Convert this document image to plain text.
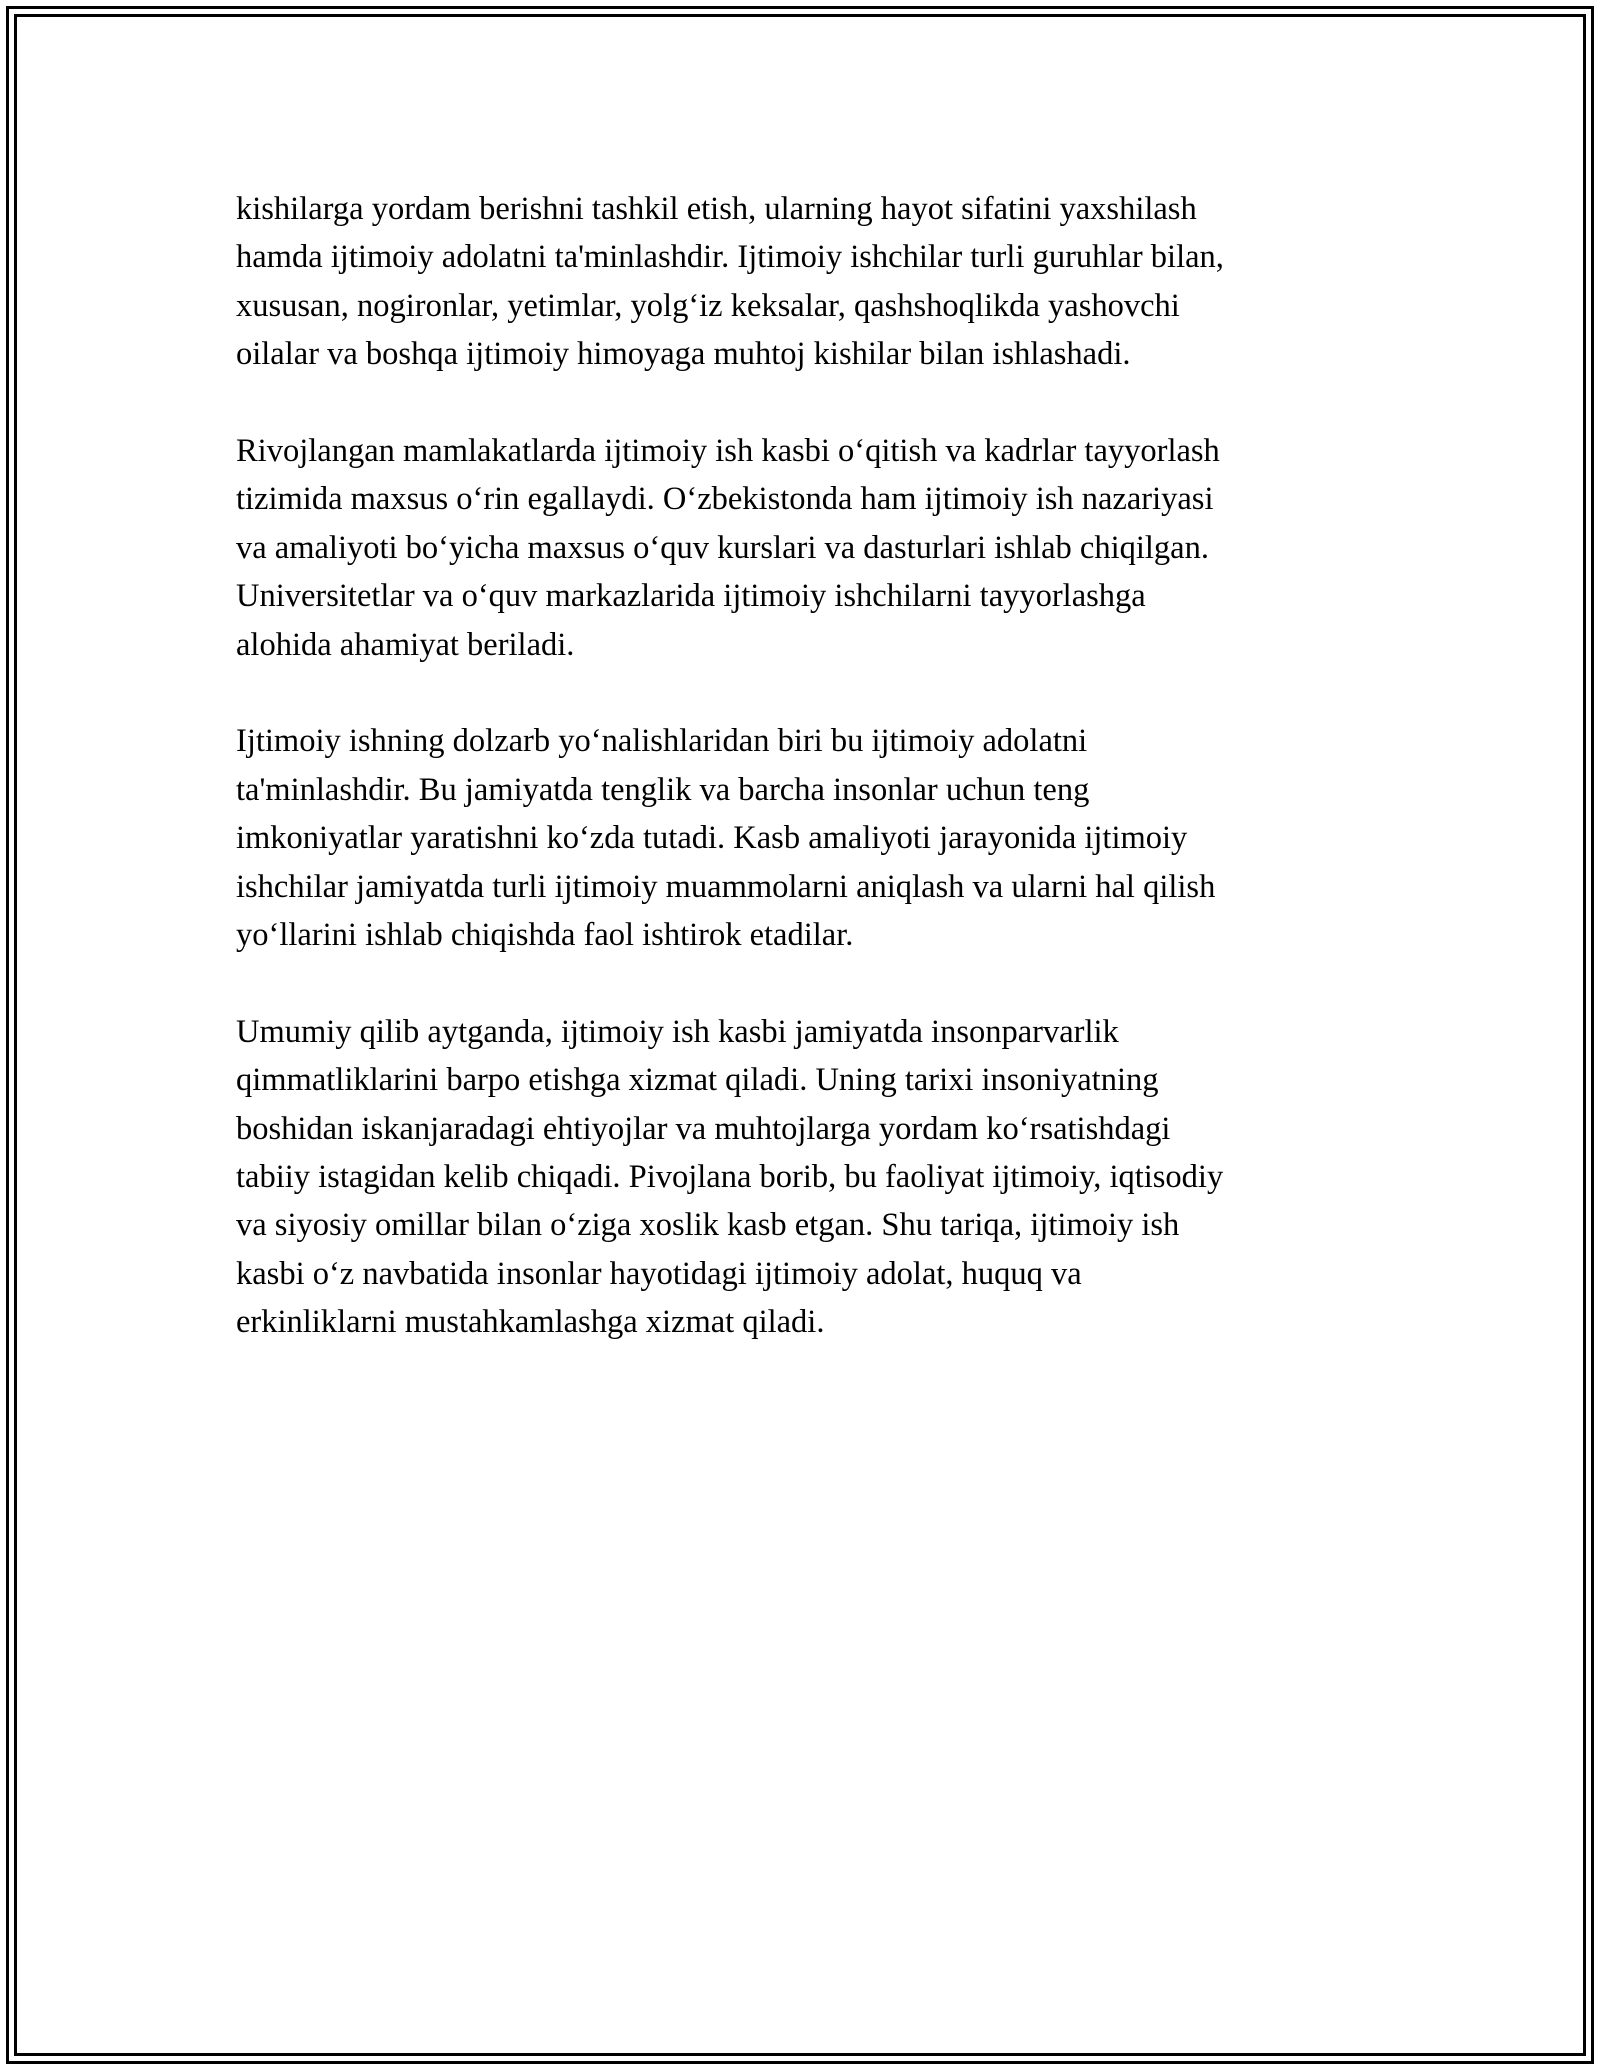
kishilarga yordam berishni tashkil etish, ularning hayot sifatini yaxshilash
hamda ijtimoiy adolatni ta'minlashdir. Ijtimoiy ishchilar turli guruhlar bilan,
xususan, nogironlar, yetimlar, yolg‘iz keksalar, qashshoqlikda yashovchi
oilalar va boshqa ijtimoiy himoyaga muhtoj kishilar bilan ishlashadi.

Rivojlangan mamlakatlarda ijtimoiy ish kasbi o‘qitish va kadrlar tayyorlash
tizimida maxsus o‘rin egallaydi. O‘zbekistonda ham ijtimoiy ish nazariyasi
va amaliyoti bo‘yicha maxsus o‘quv kurslari va dasturlari ishlab chiqilgan.
Universitetlar va o‘quv markazlarida ijtimoiy ishchilarni tayyorlashga
alohida ahamiyat beriladi.

Ijtimoiy ishning dolzarb yo‘nalishlaridan biri bu ijtimoiy adolatni
ta'minlashdir. Bu jamiyatda tenglik va barcha insonlar uchun teng
imkoniyatlar yaratishni ko‘zda tutadi. Kasb amaliyoti jarayonida ijtimoiy
ishchilar jamiyatda turli ijtimoiy muammolarni aniqlash va ularni hal qilish
yo‘llarini ishlab chiqishda faol ishtirok etadilar.

Umumiy qilib aytganda, ijtimoiy ish kasbi jamiyatda insonparvarlik
qimmatliklarini barpo etishga xizmat qiladi. Uning tarixi insoniyatning
boshidan iskanjaradagi ehtiyojlar va muhtojlarga yordam ko‘rsatishdagi
tabiiy istagidan kelib chiqadi. Pivojlana borib, bu faoliyat ijtimoiy, iqtisodiy
va siyosiy omillar bilan o‘ziga xoslik kasb etgan. Shu tariqa, ijtimoiy ish
kasbi o‘z navbatida insonlar hayotidagi ijtimoiy adolat, huquq va
erkinliklarni mustahkamlashga xizmat qiladi.
